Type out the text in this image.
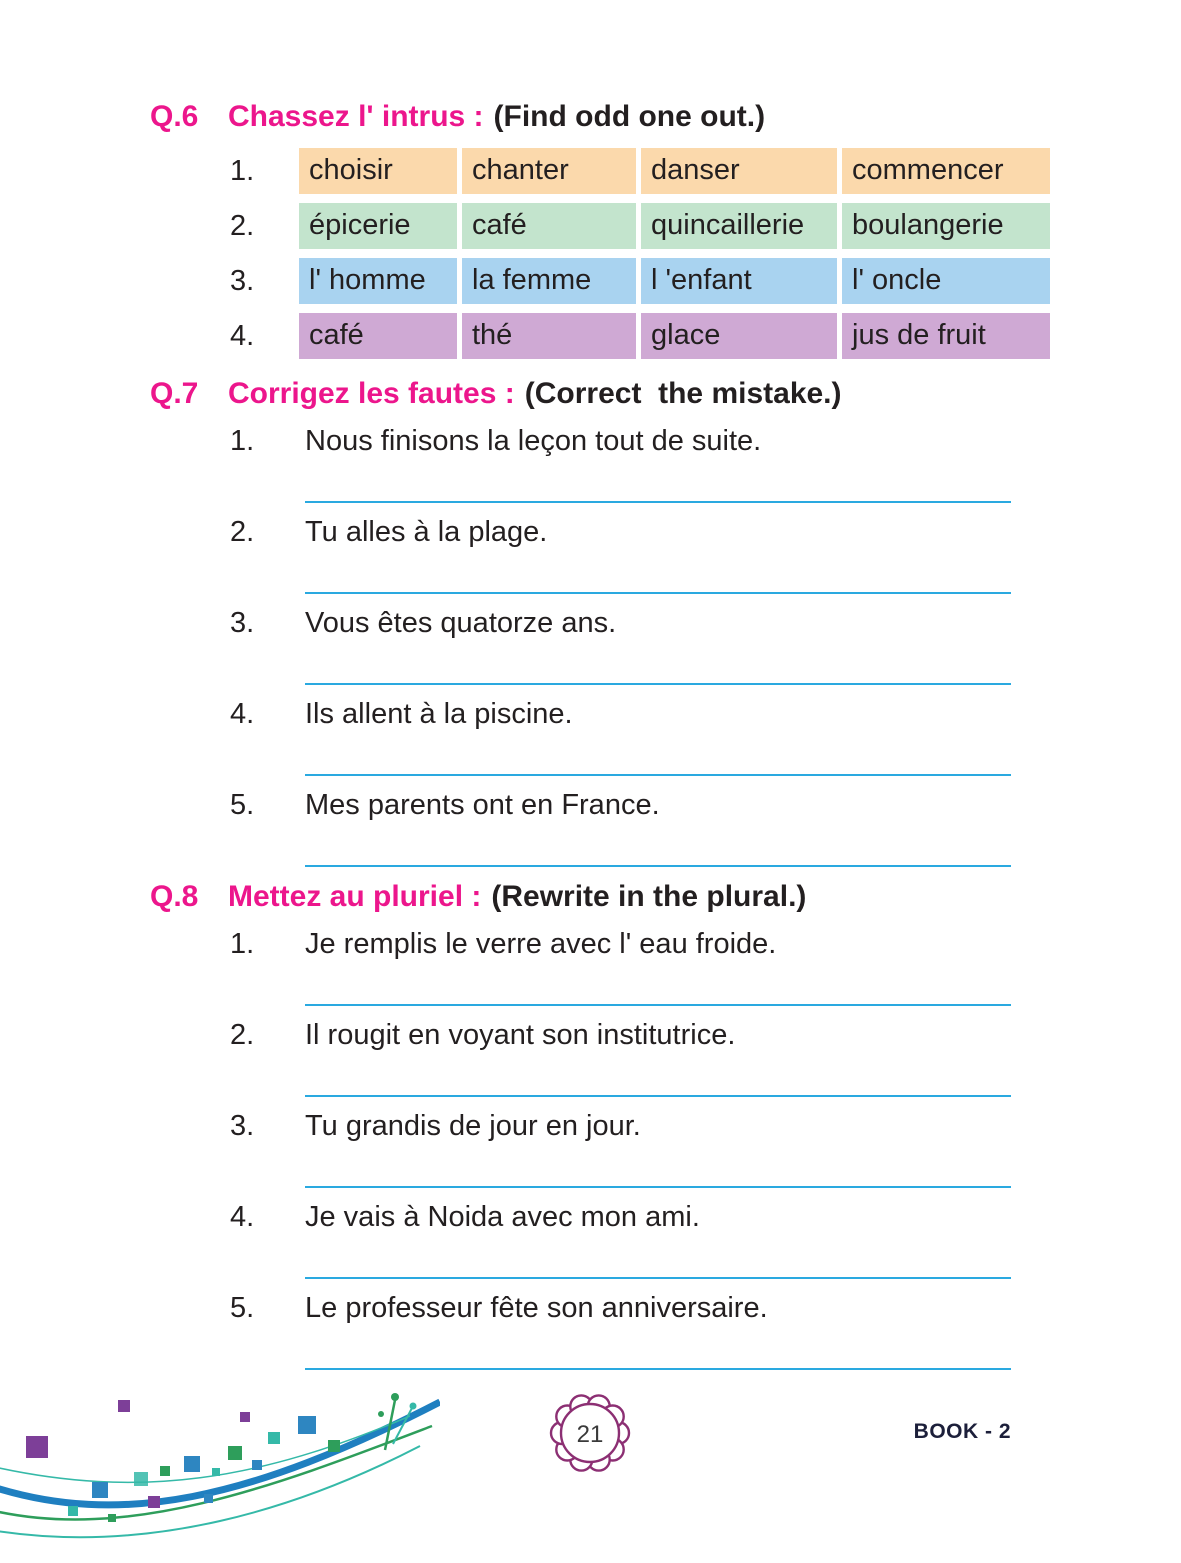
Q.6 Chassez l' intrus : (Find odd one out.)
1.	choisir	chanter	danser	commencer
2.	épicerie	café	quincaillerie	boulangerie
3.	l' homme	la femme	l 'enfant	l' oncle
4.	café	thé	glace	jus de fruit
Q.7 Corrigez les fautes : (Correct  the mistake.)
1.	Nous finisons la leçon tout de suite.
2.	Tu alles à la plage.
3.	Vous êtes quatorze ans.
4.	Ils allent à la piscine.
5.	Mes parents ont en France.
Q.8 Mettez au pluriel : (Rewrite in the plural.)
1.	Je remplis le verre avec l' eau froide.
2.	Il rougit en voyant son institutrice.
3.	Tu grandis de jour en jour.
4.	Je vais à Noida avec mon ami.
5.	Le professeur fête son anniversaire.
21	BOOK - 2
